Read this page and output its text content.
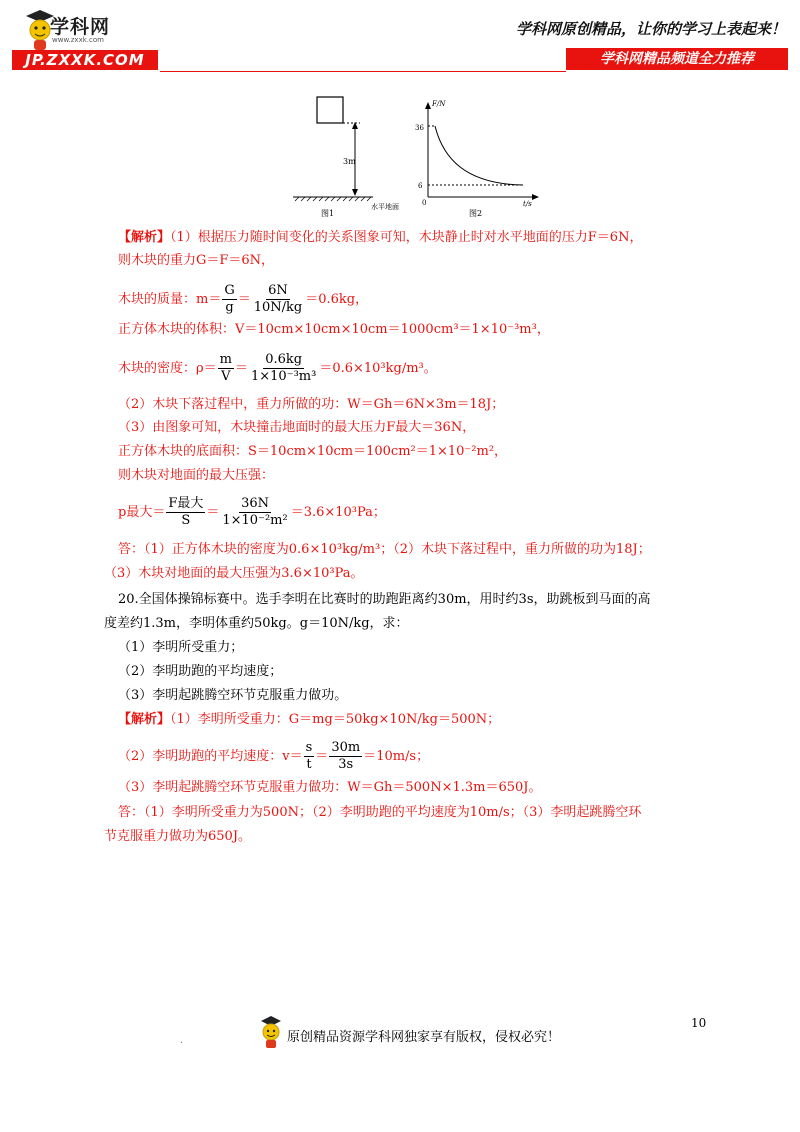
学科网
www.zxxk.com
JP.ZXXK.COM
学科网原创精品，让你的学习上表起来！
学科网精品频道全力推荐
3m
水平地面
图1
F/N
36
6
0	t/s
图2
【解析】（1）根据压力随时间变化的关系图象可知，木块静止时对水平地面的压力F＝6N，
则木块的重力G＝F＝6N，
木块的质量：$m= \frac{G}{g} = \frac{6N}{10N/kg} =0.6kg$，
正方体木块的体积：V＝10cm×10cm×10cm＝1000cm³＝1×10⁻³m³，
木块的密度：$\rho= \frac{m}{V} = \frac{0.6kg}{\text{1×10⁻³m³}} =0.6\times 10^3kg/m^3$。
（2）木块下落过程中，重力所做的功：W＝Gh＝6N×3m＝18J；
（3）由图象可知，木块撞击地面时的最大压力F最大＝36N，
正方体木块的底面积：S＝10cm×10cm＝100cm²＝1×10⁻²m²，
则木块对地面的最大压强：
p最大＝ $\frac{\text{F最大}}{S} = \frac{36N}{\text{1×10⁻²m²}} =3.6\times 10^3Pa$；
答：（1）正方体木块的密度为0.6×10³kg/m³；（2）木块下落过程中，重力所做的功为18J；
（3）木块对地面的最大压强为3.6×10³Pa。
20.全国体操锦标赛中。选手李明在比赛时的助跑距离约30m，用时约3s，助跳板到马面的高
度差约1.3m，李明体重约50kg。g＝10N/kg，求：
（1）李明所受重力；
（2）李明助跑的平均速度；
（3）李明起跳腾空环节克服重力做功。
【解析】（1）李明所受重力：G＝mg＝50kg×10N/kg＝500N；
（2）李明助跑的平均速度：$v= \frac{s}{t} = \frac{30m}{3s} =10m/s$；
（3）李明起跳腾空环节克服重力做功：W＝Gh＝500N×1.3m＝650J。
答：（1）李明所受重力为500N；（2）李明助跑的平均速度为10m/s；（3）李明起跳腾空环
节克服重力做功为650J。
10
.	原创精品资源学科网独家享有版权，侵权必究！
